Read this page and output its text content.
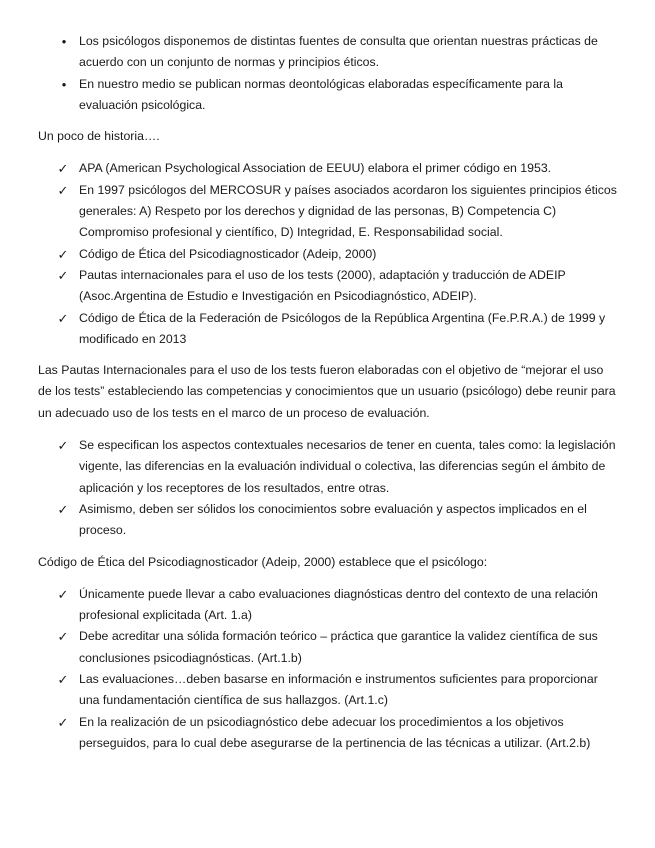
• Los psicólogos disponemos de distintas fuentes de consulta que orientan nuestras prácticas de acuerdo con un conjunto de normas y principios éticos.
• En nuestro medio se publican normas deontológicas elaboradas específicamente para la evaluación psicológica.

Un poco de historia….

✓ APA (American Psychological Association de EEUU) elabora el primer código en 1953.
✓ En 1997 psicólogos del MERCOSUR y países asociados acordaron los siguientes principios éticos generales: A) Respeto por los derechos y dignidad de las personas, B) Competencia C) Compromiso profesional y científico, D) Integridad, E. Responsabilidad social.
✓ Código de Ética del Psicodiagnosticador (Adeip, 2000)
✓ Pautas internacionales para el uso de los tests (2000), adaptación y traducción de ADEIP (Asoc.Argentina de Estudio e Investigación en Psicodiagnóstico, ADEIP).
✓ Código de Ética de la Federación de Psicólogos de la República Argentina (Fe.P.R.A.) de 1999 y modificado en 2013

Las Pautas Internacionales para el uso de los tests fueron elaboradas con el objetivo de “mejorar el uso de los tests” estableciendo las competencias y conocimientos que un usuario (psicólogo) debe reunir para un adecuado uso de los tests en el marco de un proceso de evaluación.

✓ Se especifican los aspectos contextuales necesarios de tener en cuenta, tales como: la legislación vigente, las diferencias en la evaluación individual o colectiva, las diferencias según el ámbito de aplicación y los receptores de los resultados, entre otras.
✓ Asimismo, deben ser sólidos los conocimientos sobre evaluación y aspectos implicados en el proceso.

Código de Ética del Psicodiagnosticador (Adeip, 2000) establece que el psicólogo:

✓ Únicamente puede llevar a cabo evaluaciones diagnósticas dentro del contexto de una relación profesional explicitada (Art. 1.a)
✓ Debe acreditar una sólida formación teórico – práctica que garantice la validez científica de sus conclusiones psicodiagnósticas. (Art.1.b)
✓ Las evaluaciones…deben basarse en información e instrumentos suficientes para proporcionar una fundamentación científica de sus hallazgos. (Art.1.c)
✓ En la realización de un psicodiagnóstico debe adecuar los procedimientos a los objetivos perseguidos, para lo cual debe asegurarse de la pertinencia de las técnicas a utilizar. (Art.2.b)
